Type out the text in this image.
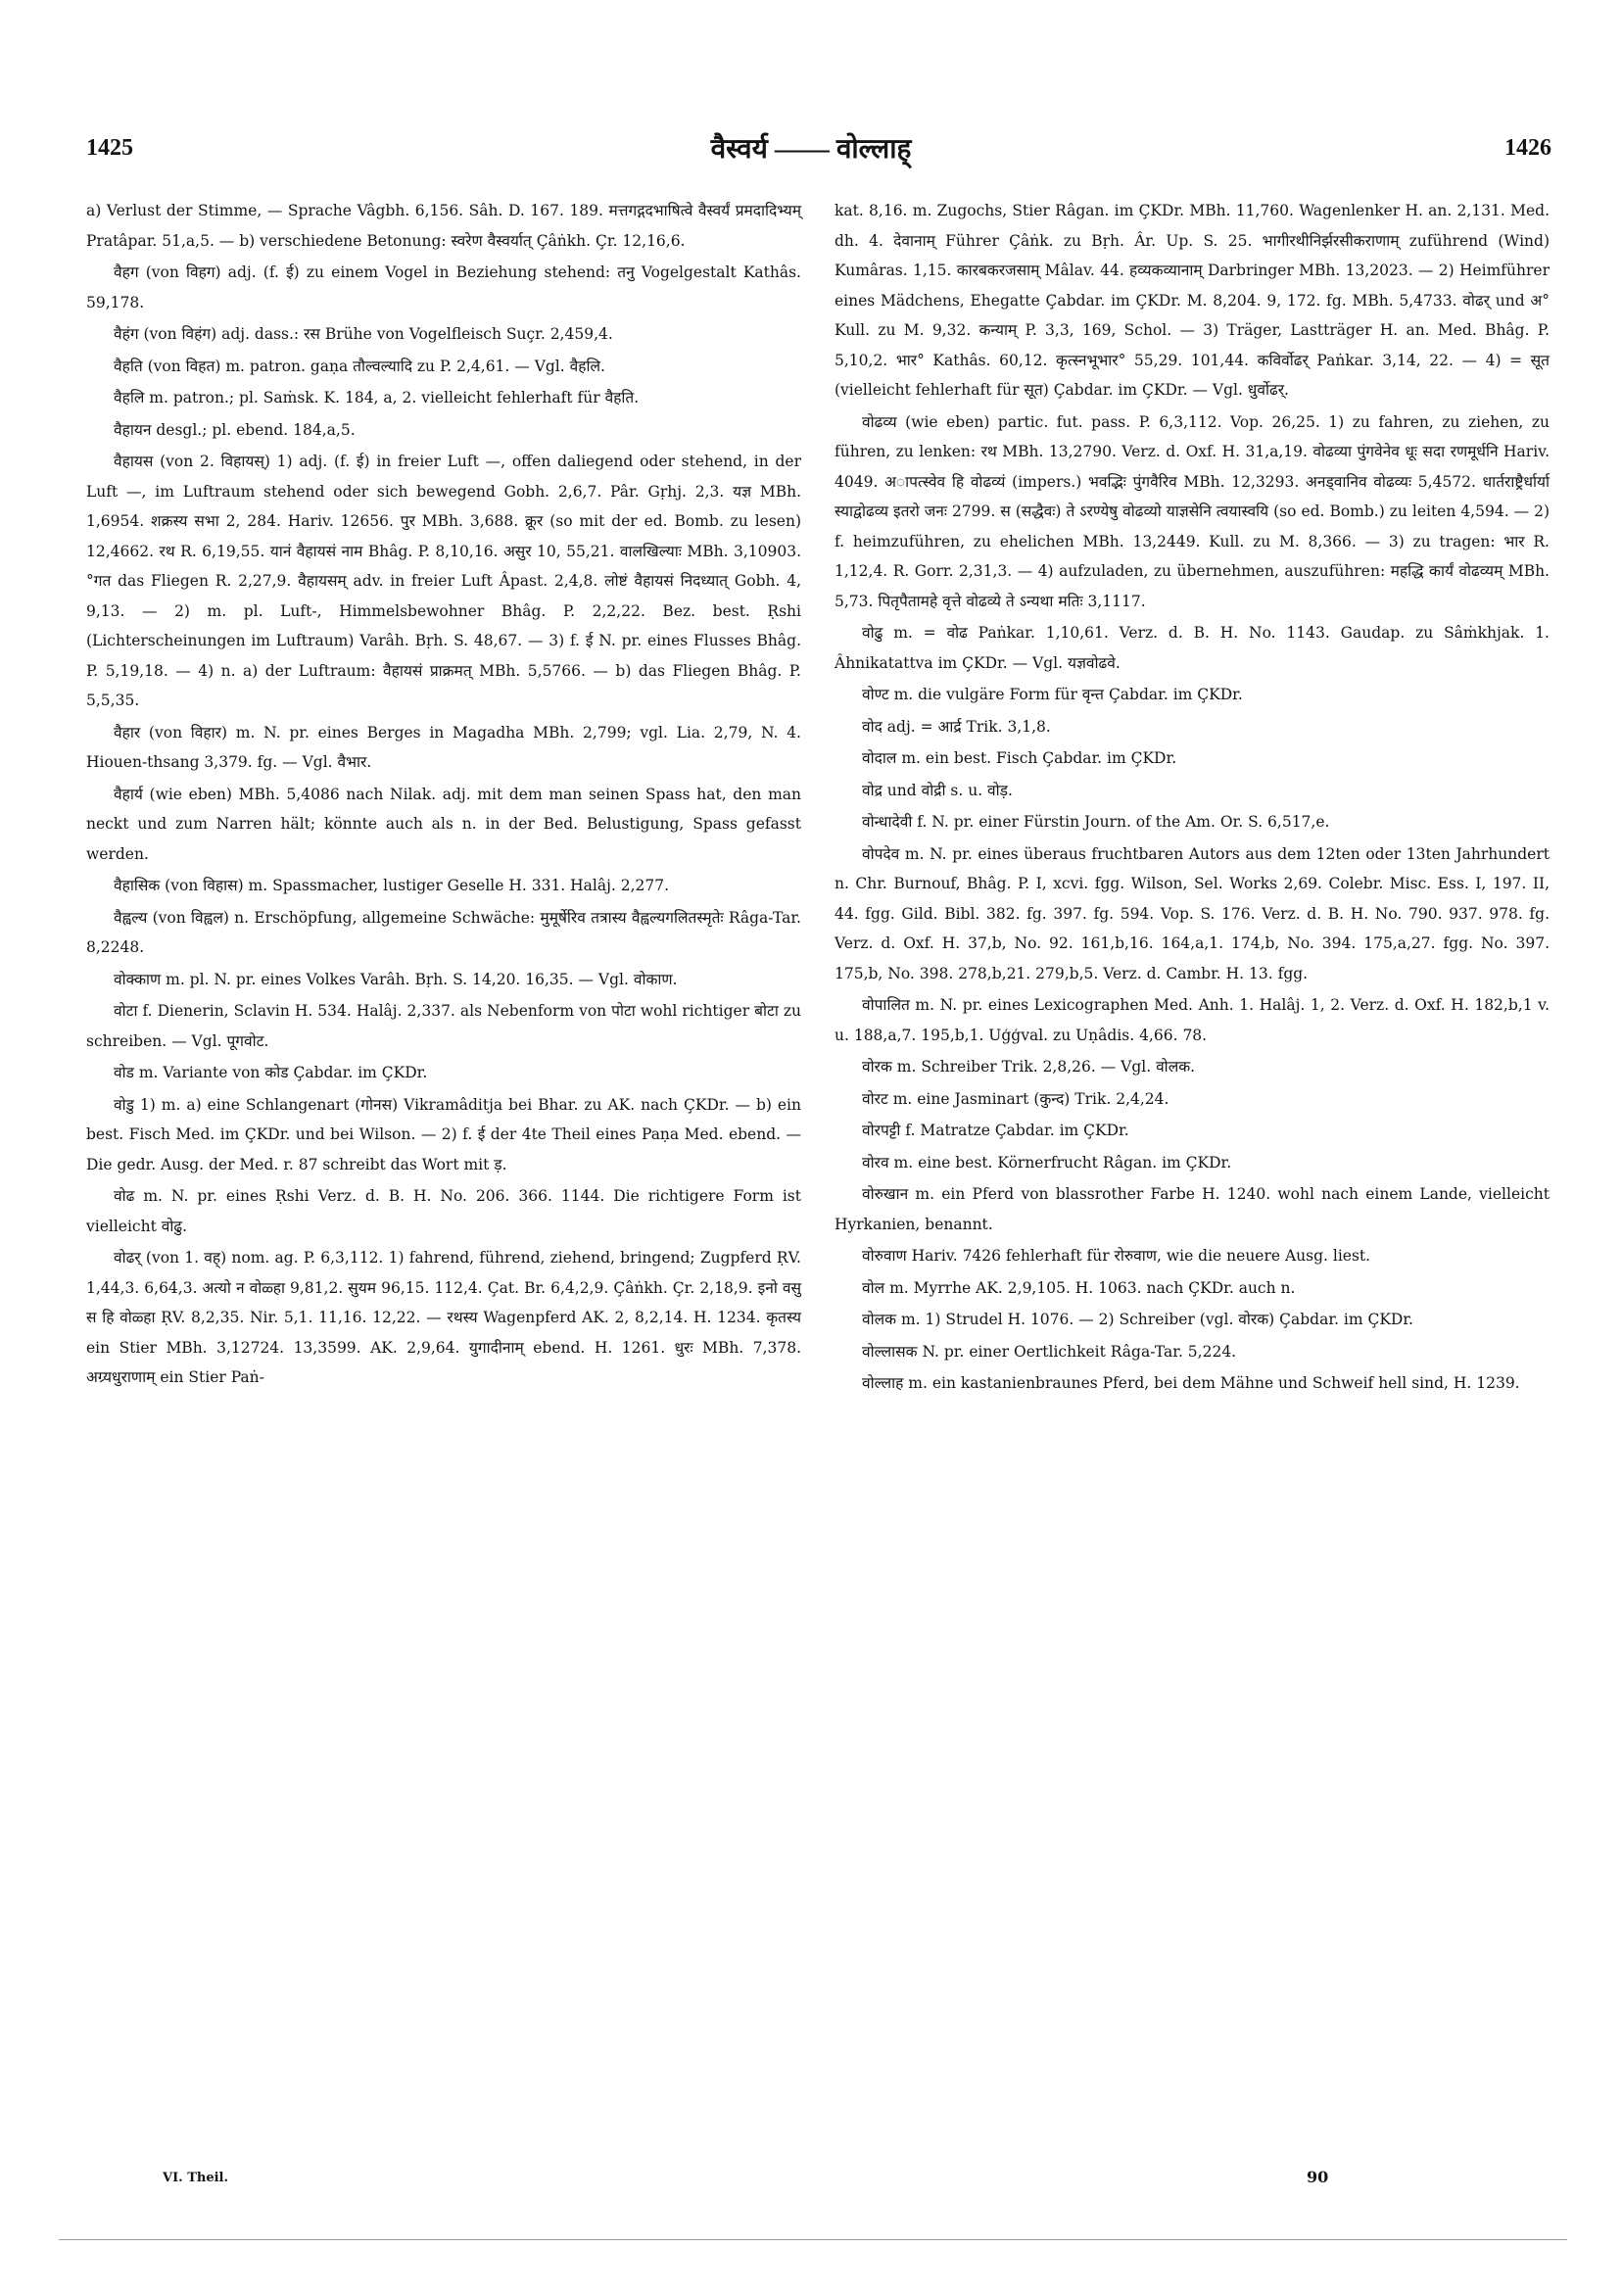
1425	वैस्वर्य —— वोल्लाह्	1426

a) Verlust der Stimme, — Sprache Vâgbh. 6,156. Sâh. D. 167. 189. मत्तगद्गदभाषित्वे वैस्वर्यं प्रमदादिभ्यम् Pratâpar. 51,a,5. — b) verschiedene Betonung: स्वरेण वैस्वर्यात् Çâṅkh. Çr. 12,16,6.

वैहग (von विहग) adj. (f. ई) zu einem Vogel in Beziehung stehend: तनु Vogelgestalt Kathâs. 59,178.

वैहंग (von विहंग) adj. dass.: रस Brühe von Vogelfleisch Suçr. 2,459,4.

वैहति (von विहत) m. patron. gaṇa तौल्वल्यादि zu P. 2,4,61. — Vgl. वैहलि.

वैहलि m. patron.; pl. Saṁsk. K. 184, a, 2. vielleicht fehlerhaft für वैहति.

वैहायन desgl.; pl. ebend. 184,a,5.

वैहायस (von 2. विहायस्) 1) adj. (f. ई) in freier Luft —, offen daliegend oder stehend, in der Luft —, im Luftraum stehend oder sich bewegend Gobh. 2,6,7. Pâr. Gṛhj. 2,3. यज्ञ MBh. 1,6954. शक्रस्य सभा 2, 284. Hariv. 12656. पुर MBh. 3,688. क्रूर (so mit der ed. Bomb. zu lesen) 12,4662. रथ R. 6,19,55. यानं वैहायसं नाम Bhâg. P. 8,10,16. असुर 10, 55,21. वालखिल्याः MBh. 3,10903. °गत das Fliegen R. 2,27,9. वैहायसम् adv. in freier Luft Âpast. 2,4,8. लोष्टं वैहायसं निदध्यात् Gobh. 4, 9,13. — 2) m. pl. Luft-, Himmelsbewohner Bhâg. P. 2,2,22. Bez. best. Ṛshi (Lichterscheinungen im Luftraum) Varâh. Bṛh. S. 48,67. — 3) f. ई N. pr. eines Flusses Bhâg. P. 5,19,18. — 4) n. a) der Luftraum: वैहायसं प्राक्रमत् MBh. 5,5766. — b) das Fliegen Bhâg. P. 5,5,35.

वैहार (von विहार) m. N. pr. eines Berges in Magadha MBh. 2,799; vgl. Lia. 2,79, N. 4. Hiouen-thsang 3,379. fg. — Vgl. वैभार.

वैहार्य (wie eben) MBh. 5,4086 nach Nilak. adj. mit dem man seinen Spass hat, den man neckt und zum Narren hält; könnte auch als n. in der Bed. Belustigung, Spass gefasst werden.

वैहासिक (von विहास) m. Spassmacher, lustiger Geselle H. 331. Halâj. 2,277.

वैह्वल्य (von विह्वल) n. Erschöpfung, allgemeine Schwäche: मुमूर्षेरिव तत्रास्य वैह्वल्यगलितस्मृतेः Râga-Tar. 8,2248.

वोक्काण m. pl. N. pr. eines Volkes Varâh. Bṛh. S. 14,20. 16,35. — Vgl. वोकाण.

वोटा f. Dienerin, Sclavin H. 534. Halâj. 2,337. als Nebenform von पोटा wohl richtiger बोटा zu schreiben. — Vgl. पूगवोट.

वोड m. Variante von कोड Çabdar. im ÇKDr.

वोडु 1) m. a) eine Schlangenart (गोनस) Vikramâditja bei Bhar. zu AK. nach ÇKDr. — b) ein best. Fisch Med. im ÇKDr. und bei Wilson. — 2) f. ई der 4te Theil eines Paṇa Med. ebend. — Die gedr. Ausg. der Med. r. 87 schreibt das Wort mit ड़.

वोढ m. N. pr. eines Ṛshi Verz. d. B. H. No. 206. 366. 1144. Die richtigere Form ist vielleicht वोढु.

वोढर् (von 1. वह्) nom. ag. P. 6,3,112. 1) fahrend, führend, ziehend, bringend; Zugpferd ṚV. 1,44,3. 6,64,3. अत्यो न वोळ्हा 9,81,2. सुयम 96,15. 112,4. Çat. Br. 6,4,2,9. Çâṅkh. Çr. 2,18,9. इनो वसु स हि वोळ्हा ṚV. 8,2,35. Nir. 5,1. 11,16. 12,22. — रथस्य Wagenpferd AK. 2, 8,2,14. H. 1234. कृतस्य ein Stier MBh. 3,12724. 13,3599. AK. 2,9,64. युगादीनाम् ebend. H. 1261. धुरः MBh. 7,378. अग्र्यधुराणाम् ein Stier Paṅ-

kat. 8,16. m. Zugochs, Stier Râgan. im ÇKDr. MBh. 11,760. Wagenlenker H. an. 2,131. Med. dh. 4. देवानाम् Führer Çâṅk. zu Bṛh. Âr. Up. S. 25. भागीरथीनिर्झरसीकराणाम् zuführend (Wind) Kumâras. 1,15. कारबकरजसाम् Mâlav. 44. हव्यकव्यानाम् Darbringer MBh. 13,2023. — 2) Heimführer eines Mädchens, Ehegatte Çabdar. im ÇKDr. M. 8,204. 9, 172. fg. MBh. 5,4733. वोढर् und अ° Kull. zu M. 9,32. कन्याम् P. 3,3, 169, Schol. — 3) Träger, Lastträger H. an. Med. Bhâg. P. 5,10,2. भार° Kathâs. 60,12. कृत्स्नभूभार° 55,29. 101,44. कविर्वोढर् Paṅkar. 3,14, 22. — 4) = सूत (vielleicht fehlerhaft für सूत) Çabdar. im ÇKDr. — Vgl. धुर्वोढर्.

वोढव्य (wie eben) partic. fut. pass. P. 6,3,112. Vop. 26,25. 1) zu fahren, zu ziehen, zu führen, zu lenken: रथ MBh. 13,2790. Verz. d. Oxf. H. 31,a,19. वोढव्या पुंगवेनेव धूः सदा रणमूर्धनि Hariv. 4049. अापत्स्वेव हि वोढव्यं (impers.) भवद्भिः पुंगवैरिव MBh. 12,3293. अनड्वानिव वोढव्यः 5,4572. धार्तराष्ट्रैर्धार्या स्याद्वोढव्य इतरो जनः 2799. स (सद्धैवः) ते ऽरण्येषु वोढव्यो याज्ञसेनि त्वयास्वयि (so ed. Bomb.) zu leiten 4,594. — 2) f. heimzuführen, zu ehelichen MBh. 13,2449. Kull. zu M. 8,366. — 3) zu tragen: भार R. 1,12,4. R. Gorr. 2,31,3. — 4) aufzuladen, zu übernehmen, auszuführen: महद्धि कार्यं वोढव्यम् MBh. 5,73. पितृपैतामहे वृत्ते वोढव्ये ते ऽन्यथा मतिः 3,1117.

वोढु m. = वोढ Paṅkar. 1,10,61. Verz. d. B. H. No. 1143. Gaudap. zu Sâṁkhjak. 1. Âhnikatattva im ÇKDr. — Vgl. यज्ञवोढवे.

वोण्ट m. die vulgäre Form für वृन्त Çabdar. im ÇKDr.

वोद adj. = आर्द्र Trik. 3,1,8.

वोदाल m. ein best. Fisch Çabdar. im ÇKDr.

वोद्र und वोद्री s. u. वोड़.

वोन्धादेवी f. N. pr. einer Fürstin Journ. of the Am. Or. S. 6,517,e.

वोपदेव m. N. pr. eines überaus fruchtbaren Autors aus dem 12ten oder 13ten Jahrhundert n. Chr. Burnouf, Bhâg. P. I, xcvi. fgg. Wilson, Sel. Works 2,69. Colebr. Misc. Ess. I, 197. II, 44. fgg. Gild. Bibl. 382. fg. 397. fg. 594. Vop. S. 176. Verz. d. B. H. No. 790. 937. 978. fg. Verz. d. Oxf. H. 37,b, No. 92. 161,b,16. 164,a,1. 174,b, No. 394. 175,a,27. fgg. No. 397. 175,b, No. 398. 278,b,21. 279,b,5. Verz. d. Cambr. H. 13. fgg.

वोपालित m. N. pr. eines Lexicographen Med. Anh. 1. Halâj. 1, 2. Verz. d. Oxf. H. 182,b,1 v. u. 188,a,7. 195,b,1. Uģģval. zu Uṇâdis. 4,66. 78.

वोरक m. Schreiber Trik. 2,8,26. — Vgl. वोलक.

वोरट m. eine Jasminart (कुन्द) Trik. 2,4,24.

वोरपट्टी f. Matratze Çabdar. im ÇKDr.

वोरव m. eine best. Körnerfrucht Râgan. im ÇKDr.

वोरुखान m. ein Pferd von blassrother Farbe H. 1240. wohl nach einem Lande, vielleicht Hyrkanien, benannt.

वोरुवाण Hariv. 7426 fehlerhaft für रोरुवाण, wie die neuere Ausg. liest.

वोल m. Myrrhe AK. 2,9,105. H. 1063. nach ÇKDr. auch n.

वोलक m. 1) Strudel H. 1076. — 2) Schreiber (vgl. वोरक) Çabdar. im ÇKDr.

वोल्लासक N. pr. einer Oertlichkeit Râga-Tar. 5,224.

वोल्लाह m. ein kastanienbraunes Pferd, bei dem Mähne und Schweif hell sind, H. 1239.

VI. Theil.	90
